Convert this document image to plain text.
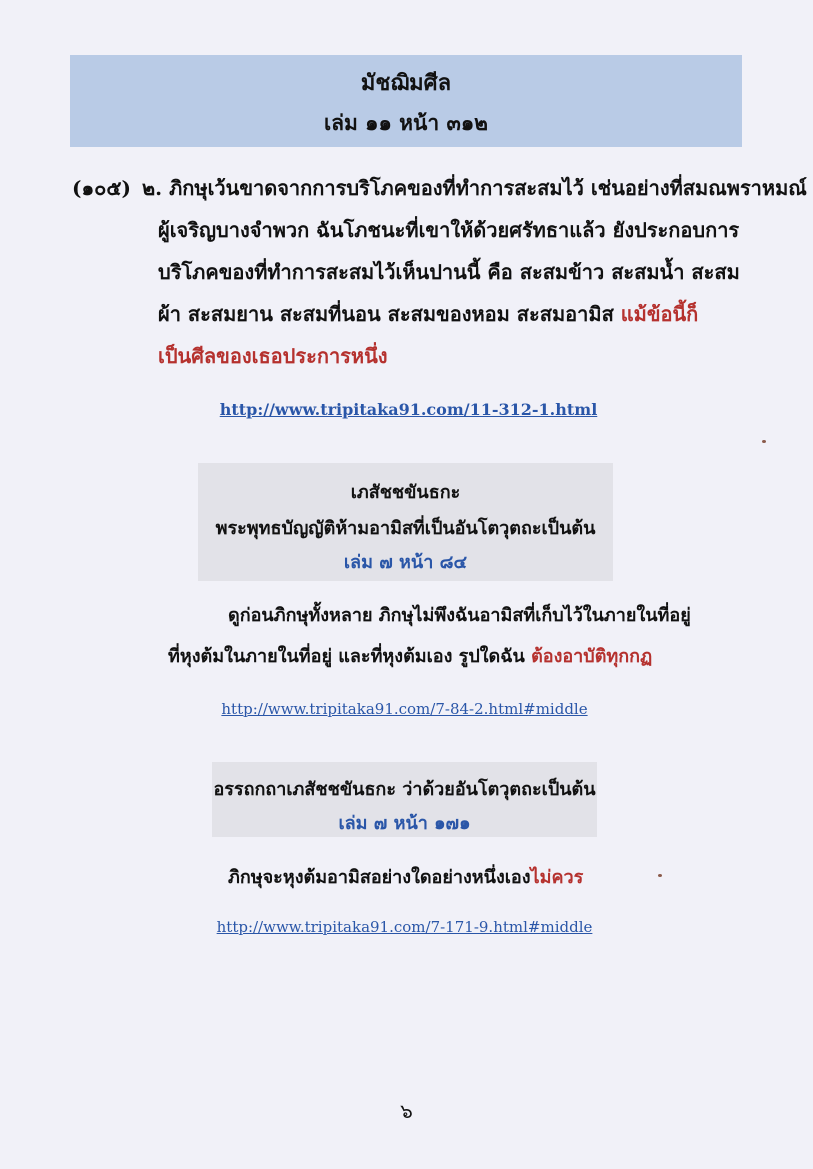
มัชฌิมศีล
เล่ม ๑๑ หน้า ๓๑๒
(๑๐๕) ๒. ภิกษุเว้นขาดจากการบริโภคของที่ทำการสะสมไว้ เช่นอย่างที่สมณพราหมณ์
ผู้เจริญบางจำพวก ฉันโภชนะที่เขาให้ด้วยศรัทธาแล้ว ยังประกอบการ
บริโภคของที่ทำการสะสมไว้เห็นปานนี้ คือ สะสมข้าว สะสมน้ำ สะสม
ผ้า สะสมยาน สะสมที่นอน สะสมของหอม สะสมอามิส แม้ข้อนี้ก็
เป็นศีลของเธอประการหนึ่ง
http://www.tripitaka91.com/11-312-1.html
เภสัชชขันธกะ
พระพุทธบัญญัติห้ามอามิสที่เป็นอันโตวุตถะเป็นต้น
เล่ม ๗ หน้า ๘๔
ดูก่อนภิกษุทั้งหลาย ภิกษุไม่พึงฉันอามิสที่เก็บไว้ในภายในที่อยู่
ที่หุงต้มในภายในที่อยู่ และที่หุงต้มเอง รูปใดฉัน ต้องอาบัติทุกกฏ
http://www.tripitaka91.com/7-84-2.html#middle
อรรถกถาเภสัชชขันธกะ ว่าด้วยอันโตวุตถะเป็นต้น
เล่ม ๗ หน้า ๑๗๑
ภิกษุจะหุงต้มอามิสอย่างใดอย่างหนึ่งเองไม่ควร
http://www.tripitaka91.com/7-171-9.html#middle
๖
